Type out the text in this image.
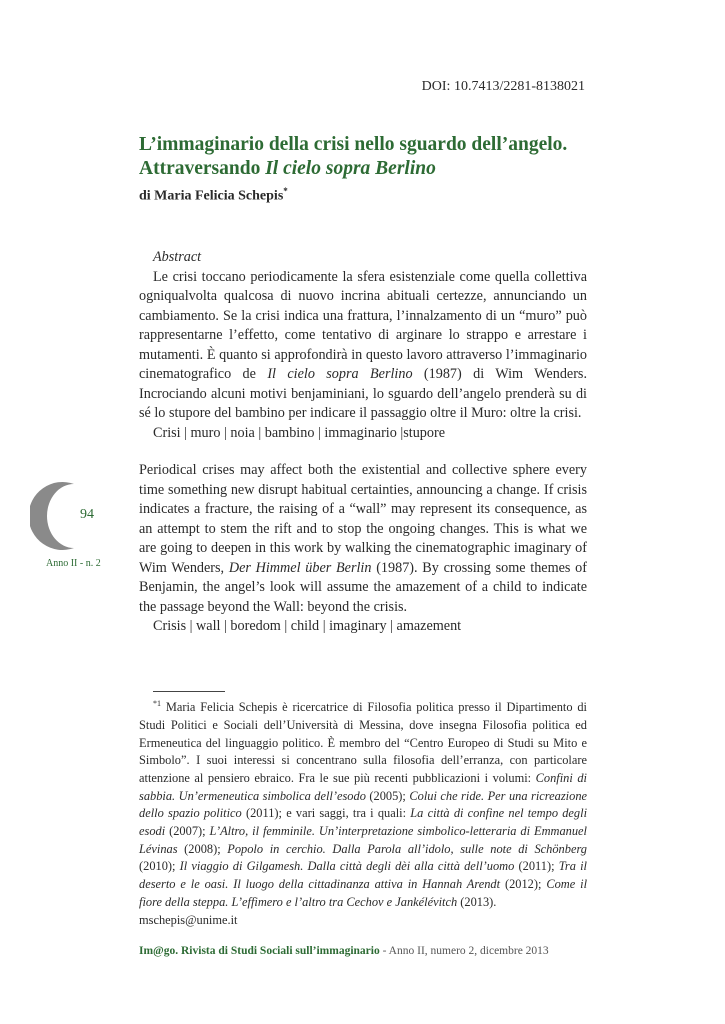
DOI: 10.7413/2281-8138021
L’immaginario della crisi nello sguardo dell’angelo. Attraversando Il cielo sopra Berlino
di Maria Felicia Schepis*
Abstract

Le crisi toccano periodicamente la sfera esistenziale come quella collettiva ogniqualvolta qualcosa di nuovo incrina abituali certezze, annunciando un cambiamento. Se la crisi indica una frattura, l’innalzamento di un “muro” può rappresentarne l’effetto, come tentativo di arginare lo strappo e arrestare i mutamenti. È quanto si approfondirà in questo lavoro attraverso l’immaginario cinematografico de Il cielo sopra Berlino (1987) di Wim Wenders. Incrociando alcuni motivi benjaminiani, lo sguardo dell’angelo prenderà su di sé lo stupore del bambino per indicare il passaggio oltre il Muro: oltre la crisi.

Crisi | muro | noia | bambino | immaginario |stupore

Periodical crises may affect both the existential and collective sphere every time something new disrupt habitual certainties, announcing a change. If crisis indicates a fracture, the raising of a “wall” may represent its consequence, as an attempt to stem the rift and to stop the ongoing changes. This is what we are going to deepen in this work by walking the cinematographic imaginary of Wim Wenders, Der Himmel über Berlin (1987). By crossing some themes of Benjamin, the angel’s look will assume the amazement of a child to indicate the passage beyond the Wall: beyond the crisis.

Crisis | wall | boredom | child | imaginary | amazement

94
Anno II - n. 2

$^{*1}$ Maria Felicia Schepis è ricercatrice di Filosofia politica presso il Dipartimento di Studi Politici e Sociali dell’Università di Messina, dove insegna Filosofia politica ed Ermeneutica del linguaggio politico. È membro del “Centro Europeo di Studi su Mito e Simbolo”. I suoi interessi si concentrano sulla filosofia dell’erranza, con particolare attenzione al pensiero ebraico. Fra le sue più recenti pubblicazioni i volumi: Confini di sabbia. Un’ermeneutica simbolica dell’esodo (2005); Colui che ride. Per una ricreazione dello spazio politico (2011); e vari saggi, tra i quali: La città di confine nel tempo degli esodi (2007); L’Altro, il femminile. Un’interpretazione simbolico-letteraria di Emmanuel Lévinas (2008); Popolo in cerchio. Dalla Parola all’idolo, sulle note di Schönberg (2010); Il viaggio di Gilgamesh. Dalla città degli dèi alla città dell’uomo (2011); Tra il deserto e le oasi. Il luogo della cittadinanza attiva in Hannah Arendt (2012); Come il fiore della steppa. L’effimero e l’altro tra Cechov e Jankélévitch (2013).
mschepis@unime.it

Im@go. Rivista di Studi Sociali sull’immaginario - Anno II, numero 2, dicembre 2013
